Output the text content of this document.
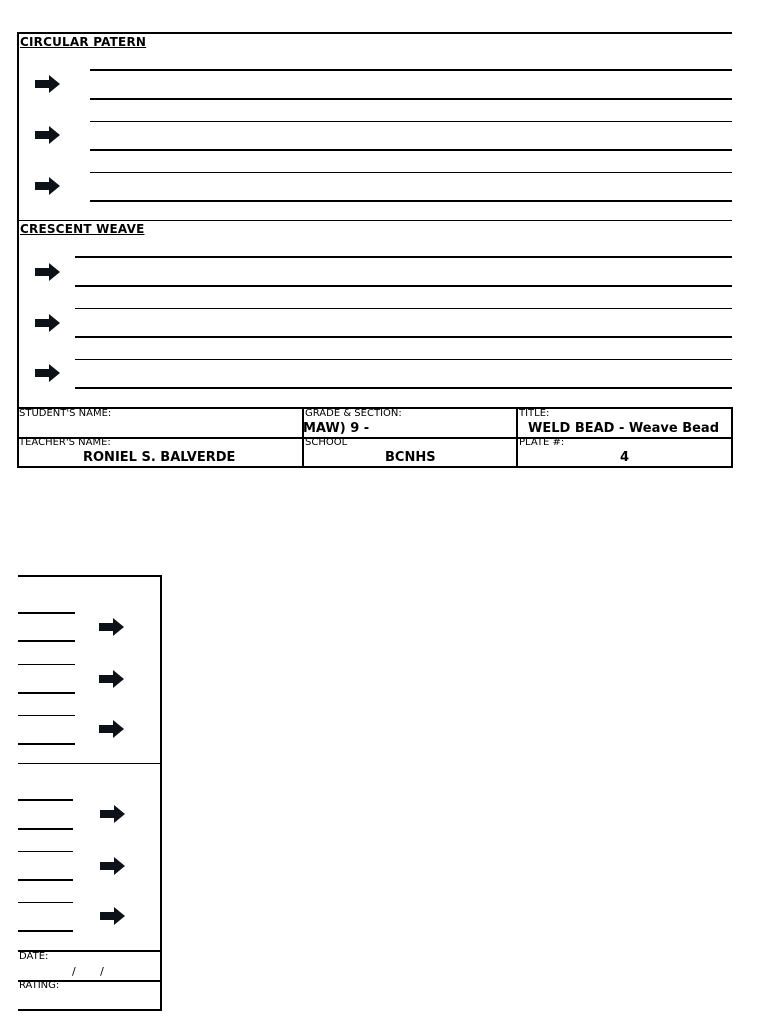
CIRCULAR PATERN
CRESCENT WEAVE
STUDENT'S NAME:	GRADE & SECTION:
MAW) 9 -
TITLE:
WELD BEAD - Weave Bead
TEACHER'S NAME:
RONIEL S. BALVERDE
SCHOOL
BCNHS
PLATE #:
4
DATE:
/       /
RATING:
